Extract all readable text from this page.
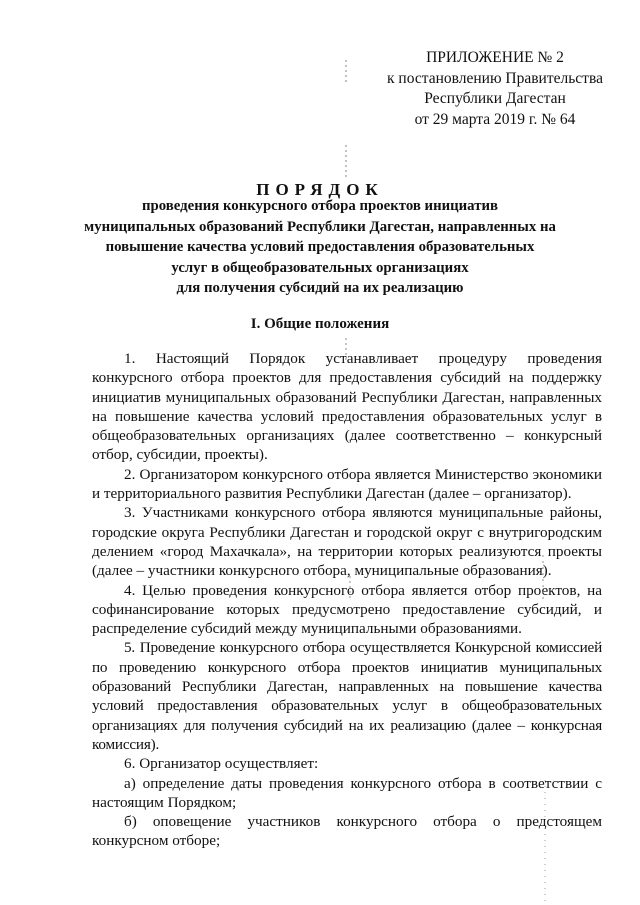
ПРИЛОЖЕНИЕ № 2
к постановлению Правительства
Республики Дагестан
от 29 марта 2019 г. № 64
ПОРЯДОК
проведения конкурсного отбора проектов инициатив
муниципальных образований Республики Дагестан, направленных на
повышение качества условий предоставления образовательных
услуг в общеобразовательных организациях
для получения субсидий на их реализацию
I. Общие положения

1. Настоящий Порядок устанавливает процедуру проведения конкурсного отбора проектов для предоставления субсидий на поддержку инициатив муниципальных образований Республики Дагестан, направленных на повышение качества условий предоставления образовательных услуг в общеобразовательных организациях (далее соответственно – конкурсный отбор, субсидии, проекты).

2. Организатором конкурсного отбора является Министерство экономики и территориального развития Республики Дагестан (далее – организатор).

3. Участниками конкурсного отбора являются муниципальные районы, городские округа Республики Дагестан и городской округ с внутригородским делением «город Махачкала», на территории которых реализуются проекты (далее – участники конкурсного отбора, муниципальные образования).

4. Целью проведения конкурсного отбора является отбор проектов, на софинансирование которых предусмотрено предоставление субсидий, и распределение субсидий между муниципальными образованиями.

5. Проведение конкурсного отбора осуществляется Конкурсной комиссией по проведению конкурсного отбора проектов инициатив муниципальных образований Республики Дагестан, направленных на повышение качества условий предоставления образовательных услуг в общеобразовательных организациях для получения субсидий на их реализацию (далее – конкурсная комиссия).

6. Организатор осуществляет:

а) определение даты проведения конкурсного отбора в соответствии с настоящим Порядком;

б) оповещение участников конкурсного отбора о предстоящем конкурсном отборе;
